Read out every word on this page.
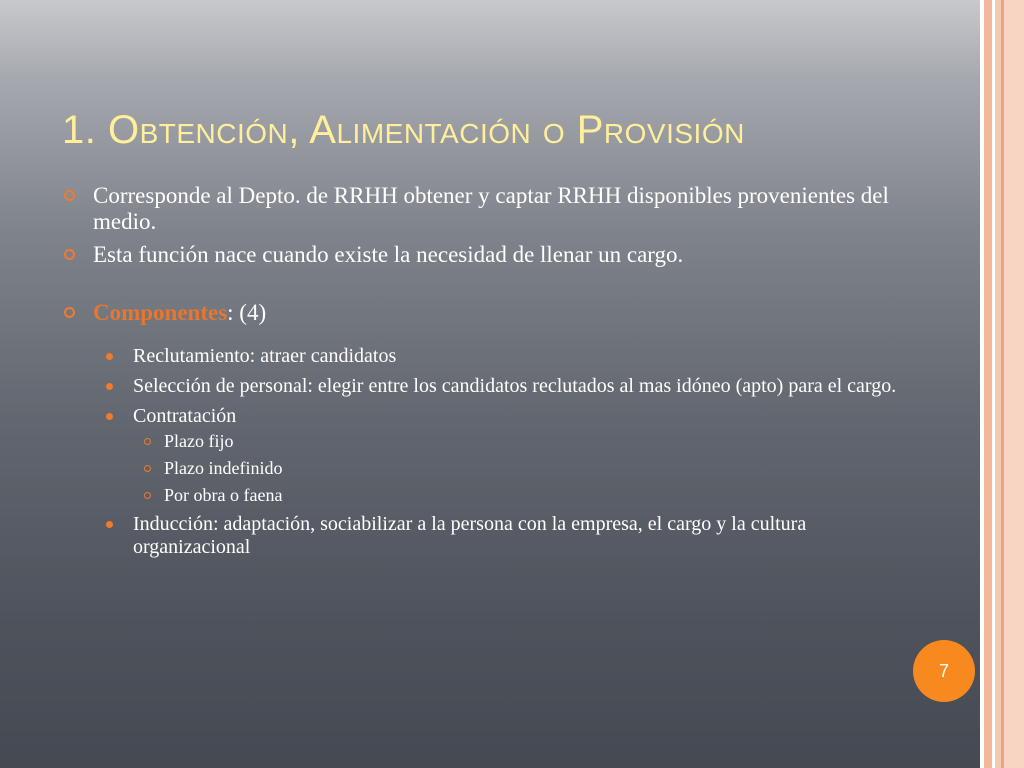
1. Obtención, Alimentación o Provisión
Corresponde al Depto. de RRHH obtener y captar RRHH disponibles provenientes del medio.
Esta función nace cuando existe la necesidad de llenar un cargo.
Componentes: (4)
Reclutamiento: atraer candidatos
Selección de personal: elegir entre los candidatos reclutados al mas idóneo (apto) para el cargo.
Contratación
Plazo fijo
Plazo indefinido
Por obra o faena
Inducción: adaptación, sociabilizar a la persona con la empresa, el cargo y la cultura organizacional
7
